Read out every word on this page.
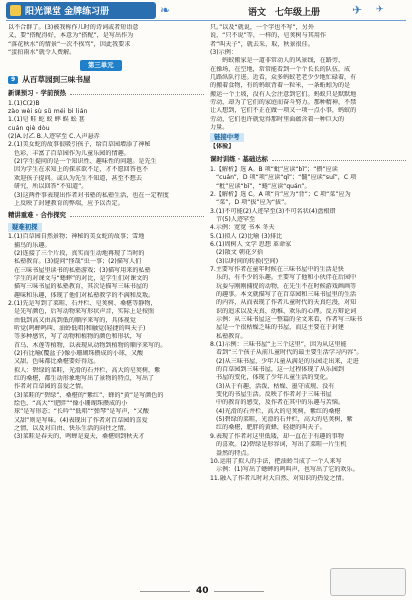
阳光课堂 金牌练习册	❧	语文　 七年级上册	✈ ✈
以不合群了。(3)被我称作儿时的诗词或者短语意
义，要“搭配得好，本意为“搭配”，是写出作为
“落花秋水”的情景“一次不挨骂”，因此我要求
“蛋拍雨水”就令人费解。
第三单元
9 从百草园到三味书屋
新课预习 · 学前预热
1.(1)C(2)B
zào wèi sù sǔ méi bì lián
1.(1)皂 畦 蛇 蚁 蟀 蜈 蚣 葚
cuán qiè dòu
(2)A.讨乙 B.人迹罕至 C.入声悬赤
2.(1)美女蛇的故事很吸引孩子，给百草园增添了神秘
色彩，丰富了百草园作为儿童乐园的情趣。
(2)学生提问的是一个知识性、趣味性的问题。是先生
因为学生在求知上的探求欲不足，才不愿回答也不
欢迎孩子提问。或认为先生不知道，甚至不想去
研究，所以回答“不知道”。
(3)这两件事表现出作者对书塾的私塾生活，也在一定程度
上反映了封建教育的弊端，应予以否定。
精讲重难 · 合作探究
疑难初探
1.(1)百草园自然景物；神秘的美女蛇的故事；雪地
捕鸟的乐趣。
(2)连接了三个片段，真实而生动地再现了当时的
私塾教育。(3)提问“怪哉”虫一事；(2)描写人们
在三味书屋里读书的私塾游戏；(3)描写用来的私塾
学生的对课文与“蟋蟀”的对比，是学生们对课文的
描写三味书屋的私塾教育，其次是描写三味书屋的
趣味和乐趣，体现了他们对私塾教学的不满和反叛。
2.(1)先是写到了菜畦、石井栏、皂荚树、桑椹等静物，
是先写颜色，后写动物来写形状声音，实际上是按照
由低到高又由高到低的顺序来写的，具体视觉
听觉(鸣蝉鸣叫、油蛉低唱)和触觉(轻捷的叫天子)
等多种感官，写了动物和植物的颜色和形状，写
首乌、木莲等植物，以表现从动物到植物的顺序来写的。
(2)有比喻(覆盆子)像小珊瑚珠攒成的小球，又酸
又甜，色味都比桑椹要好得远。
拟人：碧绿的菜畦，光滑的石井栏，高大的皂荚树，紫
红的桑椹，都生动形象地写出了景物的特点，写出了
作者对百草园的喜爱之情。
(3)菜畦的“碧绿”、桑椹的“紫红”、蜂的“黄”是写颜色的
绘色，“高大”“肥胖”“像小珊瑚珠攒成的小
球”是写形态；“长吟”“低唱”“弹琴”是写声，“又酸
又甜”则是写味。(4)表现出了作者对百草园的喜爱
之情，以及对自由、快乐生活的向往之情。
(3)菜畦是春天的，鸣蝉是夏天，桑椹则到秋天才
只。”以及“就说，一个字也不写”，另外
说，“只不说”等，一样的，皂荚树与其用作
者“叫天子”，就去采，取，秋景很佳。
(3)示例：
　　蚂蚁搬家是一道非常动人的风景线，在路旁、
在操场，在空地，常常能看到一个个长长的队伍，成
几路纵队行进。近看，众多蚂蚁老老少少地忙碌着，有
的搬着食物，有的蚂蚁背着一粒米，一条蚯蚓为的是
搬运一个土坡，没有人会注意到它们。蚂蚁只是默默地
劳动，却为了它们的家庭而奋斗努力。那种精神，不禁
让人想到，它们不正在做一项又一项一点小事，蚂蚁的
劳动，它们也许就觉得那时里面蕴含着一种巨大的
力量。
链接中考
【体验】
课时训练 · 基础达标
1.【解析】选 A。B 项“蚍”应读“bǐ”；“攒”应读
“cuán”，D 项“项”应读“qǐ”；“髓”应读“suǐ”，C 项
“秕”应读“bǐ”，“蜷”应读“quán”。
2.【解析】选 C。A 项“肯”应为“背”；C 项“菜”应为
“菜”，D 项“拔”应为“拔”。
3.(1)不可能(2)人迹罕至(3)不可名状(4)盘根错
节(5)人迹罕至
4.示例：宽宽 书本 冬天
5.(1)拟人 (2)比喻 (3)排比
6.(1)周树人 文学 思想 革命家
(2)散文 朝花夕拾
(3)以时间的转换(空间)
7.主要写作者在童年时候在三味书屋中的生活是快
乐的，有不少的乐趣。主要写了他和小伙伴在后园中
玩耍与刚刚捕捉的动物，在先生不在时候游戏画画等
的趣事。本文就描写了在百草园和三味书屋里的生活
的内容，从而表现了作者儿童时代的天真烂漫，对知
识的追求以及天真、幼稚、欢乐的心理。反方辩论词
示例：从三味书屋这一整篇的全文来看，作者写三味书
屋是一个很枯燥乏味的书屋，而这主要在于封建
私塾教育。
8.(1)示例：三味书屋“上三个这里”，因为从这里能
看到“三个孩子从前儿童时代的最主要生活学习内容”。
(2)从三味书屋，少年儿童从满是的乐园走出来，走进
的百草园到三味书屋，这一过程体现了从乐园到
书屋的变化，体现了少年儿童生活的变化。
(3)从于有趣，活泼、枯燥、墨守成规、没有
变化的书屋生活。反映了作者对于三味书屋
中的教育的感受，及作者在其中的乐趣与苦恼。
(4)光滑的石井栏，高大的皂荚树，紫红的桑椹
(5)碧绿的菜畦，光滑的石井栏，高大的皂荚树，紫
红的桑椹，肥胖的黄蜂，轻捷的叫天子。
9.表现了作者对这里低矮，却一直在于有趣的事物
的喜欢。(2)碧绿是形容词，写出了菜畦一片生机
盎然的特点。
10.运用了拟人的手法，把油蛉当成了一个人来写
示例：(1)写出了蟋蟀的鸣叫声，也写出了它的欢乐。
11.融入了作者儿时对大自然、对知识的热爱之情。
40
